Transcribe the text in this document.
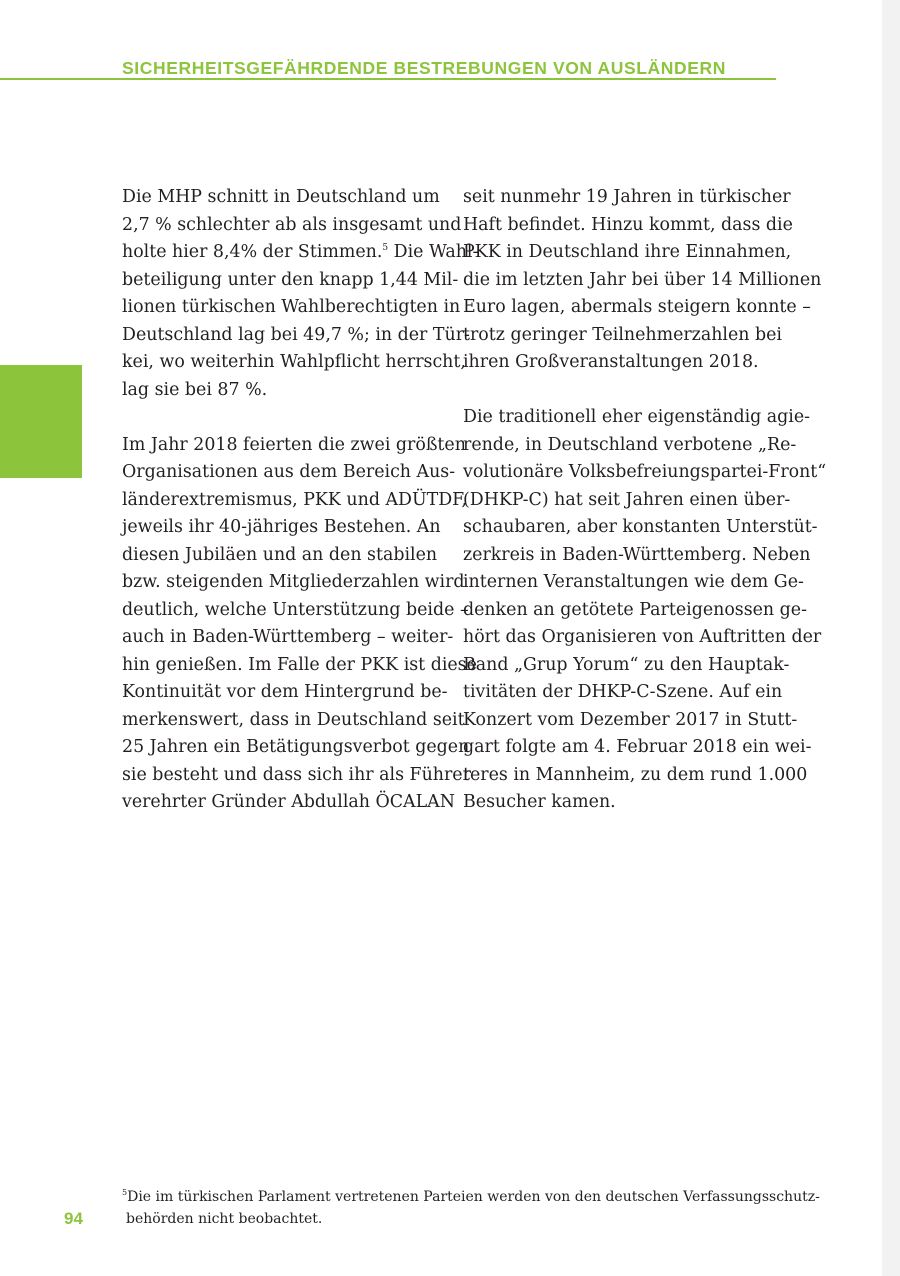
SICHERHEITSGEFÄHRDENDE BESTREBUNGEN VON AUSLÄNDERN
Die MHP schnitt in Deutschland um
2,7 % schlechter ab als insgesamt und
holte hier 8,4% der Stimmen.$^5$ Die Wahl-
beteiligung unter den knapp 1,44 Mil-
lionen türkischen Wahlberechtigten in
Deutschland lag bei 49,7 %; in der Tür-
kei, wo weiterhin Wahlpflicht herrscht,
lag sie bei 87 %.
Im Jahr 2018 feierten die zwei größten
Organisationen aus dem Bereich Aus-
länderextremismus, PKK und ADÜTDF,
jeweils ihr 40-jähriges Bestehen. An
diesen Jubiläen und an den stabilen
bzw. steigenden Mitgliederzahlen wird
deutlich, welche Unterstützung beide –
auch in Baden-Württemberg – weiter-
hin genießen. Im Falle der PKK ist diese
Kontinuität vor dem Hintergrund be-
merkenswert, dass in Deutschland seit
25 Jahren ein Betätigungsverbot gegen
sie besteht und dass sich ihr als Führer
verehrter Gründer Abdullah ÖCALAN
seit nunmehr 19 Jahren in türkischer
Haft befindet. Hinzu kommt, dass die
PKK in Deutschland ihre Einnahmen,
die im letzten Jahr bei über 14 Millionen
Euro lagen, abermals steigern konnte –
trotz geringer Teilnehmerzahlen bei
ihren Großveranstaltungen 2018.
Die traditionell eher eigenständig agie-
rende, in Deutschland verbotene „Re-
volutionäre Volksbefreiungspartei-Front“
(DHKP-C) hat seit Jahren einen über-
schaubaren, aber konstanten Unterstüt-
zerkreis in Baden-Württemberg. Neben
internen Veranstaltungen wie dem Ge-
denken an getötete Parteigenossen ge-
hört das Organisieren von Auftritten der
Band „Grup Yorum“ zu den Hauptak-
tivitäten der DHKP-C-Szene. Auf ein
Konzert vom Dezember 2017 in Stutt-
gart folgte am 4. Februar 2018 ein wei-
teres in Mannheim, zu dem rund 1.000
Besucher kamen.
$^5$Die im türkischen Parlament vertretenen Parteien werden von den deutschen Verfassungsschutz-
behörden nicht beobachtet.
94
